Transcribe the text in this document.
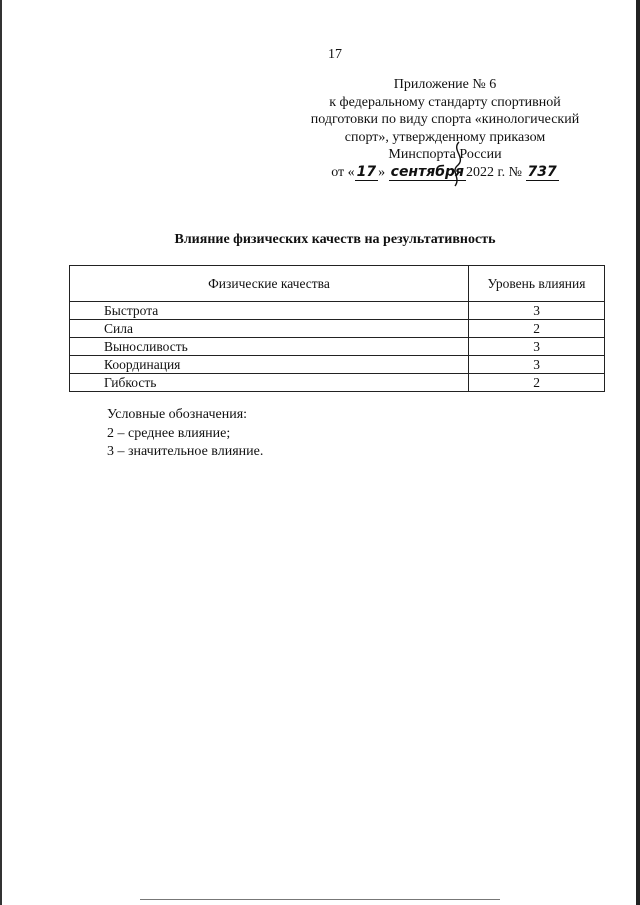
17
Приложение № 6
к федеральному стандарту спортивной
подготовки по виду спорта «кинологический
спорт», утвержденному приказом
Минспорта России
от « 17 » сентября 2022 г. № 737
Влияние физических качеств на результативность
Физические качества	Уровень влияния
Быстрота	3
Сила	2
Выносливость	3
Координация	3
Гибкость	2
Условные обозначения:
2 – среднее влияние;
3 – значительное влияние.
